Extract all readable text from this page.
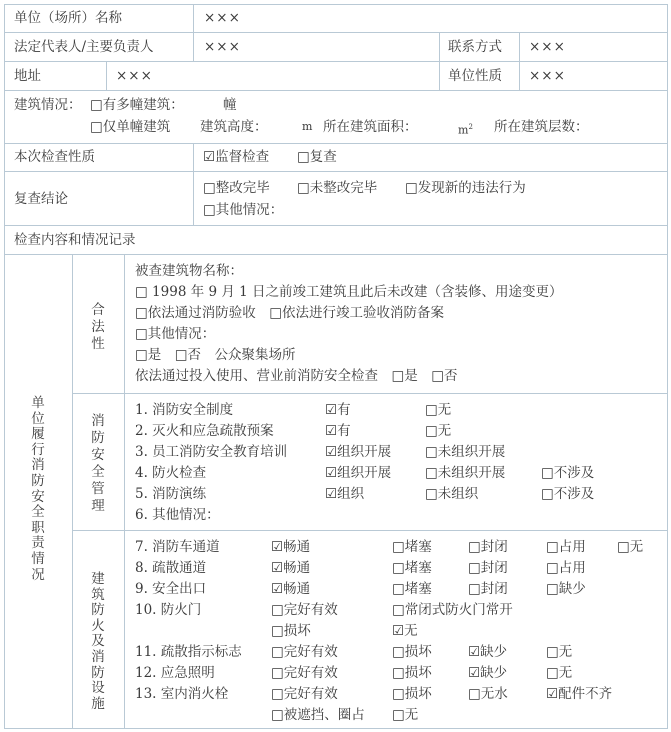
单位（场所）名称	×××
法定代表人/主要负责人	×××	联系方式 ×××
地址	×××	单位性质 ×××
建筑情况： □有多幢建筑：	幢
□仅单幢建筑 建筑高度：	m 所在建筑面积：	$m^2$ 所在建筑层数：
本次检查性质	☑监督检查 □复查
复查结论
□整改完毕 □未整改完毕 □发现新的违法行为
□其他情况：
检查内容和情况记录
单位履行消防安全职责情况
合法性
被查建筑物名称：
□ 1998 年 9 月 1 日之前竣工建筑且此后未改建（含装修、用途变更）
□依法通过消防验收　□依法进行竣工验收消防备案
□其他情况：
□是　□否　公众聚集场所
依法通过投入使用、营业前消防安全检查　□是　□否
消防安全管理
1. 消防安全制度	☑有	□无
2. 灭火和应急疏散预案	☑有	□无
3. 员工消防安全教育培训	☑组织开展	□未组织开展
4. 防火检查	☑组织开展	□未组织开展	□不涉及
5. 消防演练	☑组织	□未组织	□不涉及
6. 其他情况：
建筑防火及消防设施
7. 消防车通道	☑畅通	□堵塞	□封闭	□占用 □无
8. 疏散通道	☑畅通	□堵塞	□封闭	□占用
9. 安全出口	☑畅通	□堵塞	□封闭	□缺少
10. 防火门	□完好有效	□常闭式防火门常开
□损坏	☑无
11. 疏散指示标志 □完好有效	□损坏	☑缺少	□无
12. 应急照明	□完好有效	□损坏	☑缺少	□无
13. 室内消火栓	□完好有效	□损坏	□无水	☑配件不齐
□被遮挡、圈占 □无
